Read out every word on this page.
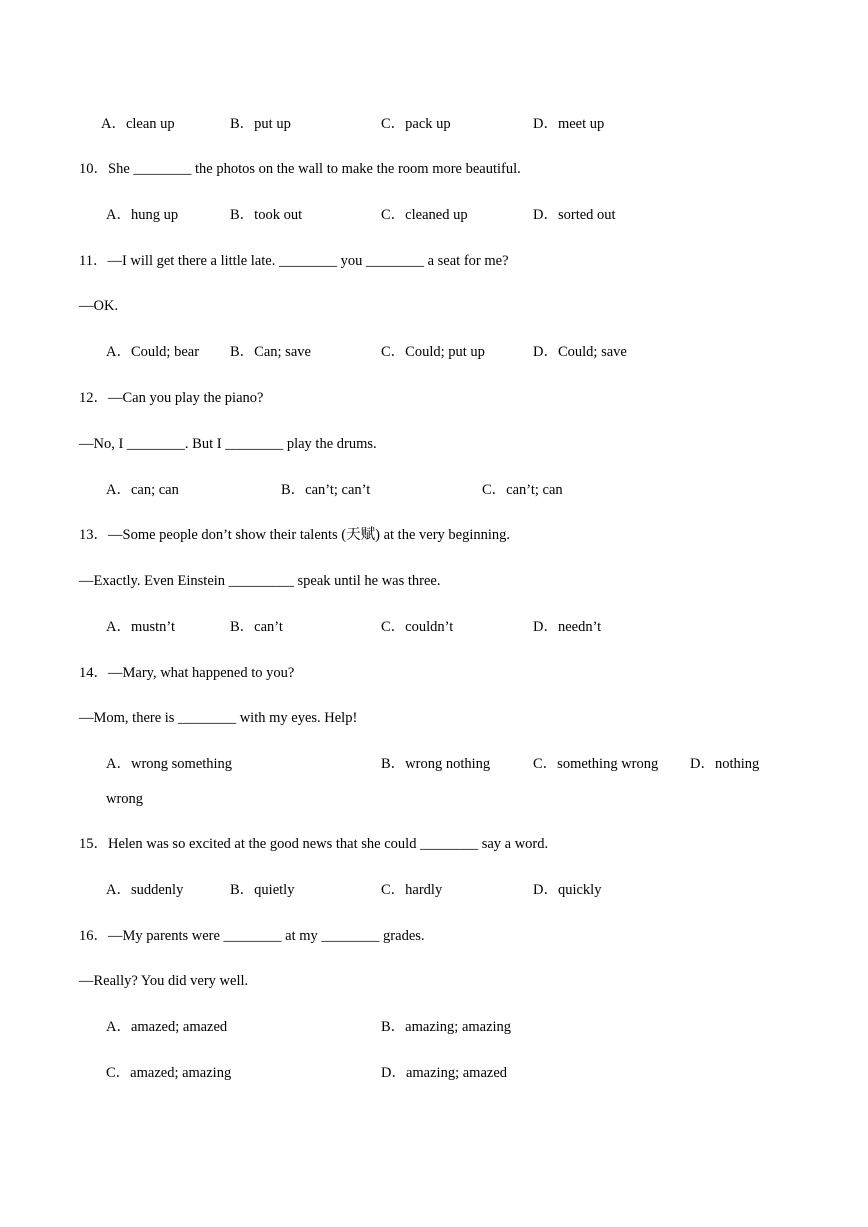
A．clean up	B．put up	C．pack up	D．meet up
10．She ________ the photos on the wall to make the room more beautiful.
A．hung up	B．took out	C．cleaned up	D．sorted out
11．—I will get there a little late. ________ you ________ a seat for me?
—OK.
A．Could; bear B．Can; save	C．Could; put up	D．Could; save
12．—Can you play the piano?
—No, I ________. But I ________ play the drums.
A．can; can	B．can’t; can’t	C．can’t; can
13．—Some people don’t show their talents (天赋) at the very beginning.
—Exactly. Even Einstein _________ speak until he was three.
A．mustn’t	B．can’t	C．couldn’t	D．needn’t
14．—Mary, what happened to you?
—Mom, there is ________ with my eyes. Help!
A．wrong something	B．wrong nothing	C．something wrong D．nothing
wrong
15．Helen was so excited at the good news that she could ________ say a word.
A．suddenly	B．quietly	C．hardly	D．quickly
16．—My parents were ________ at my ________ grades.
—Really? You did very well.
A．amazed; amazed	B．amazing; amazing
C．amazed; amazing	D．amazing; amazed
